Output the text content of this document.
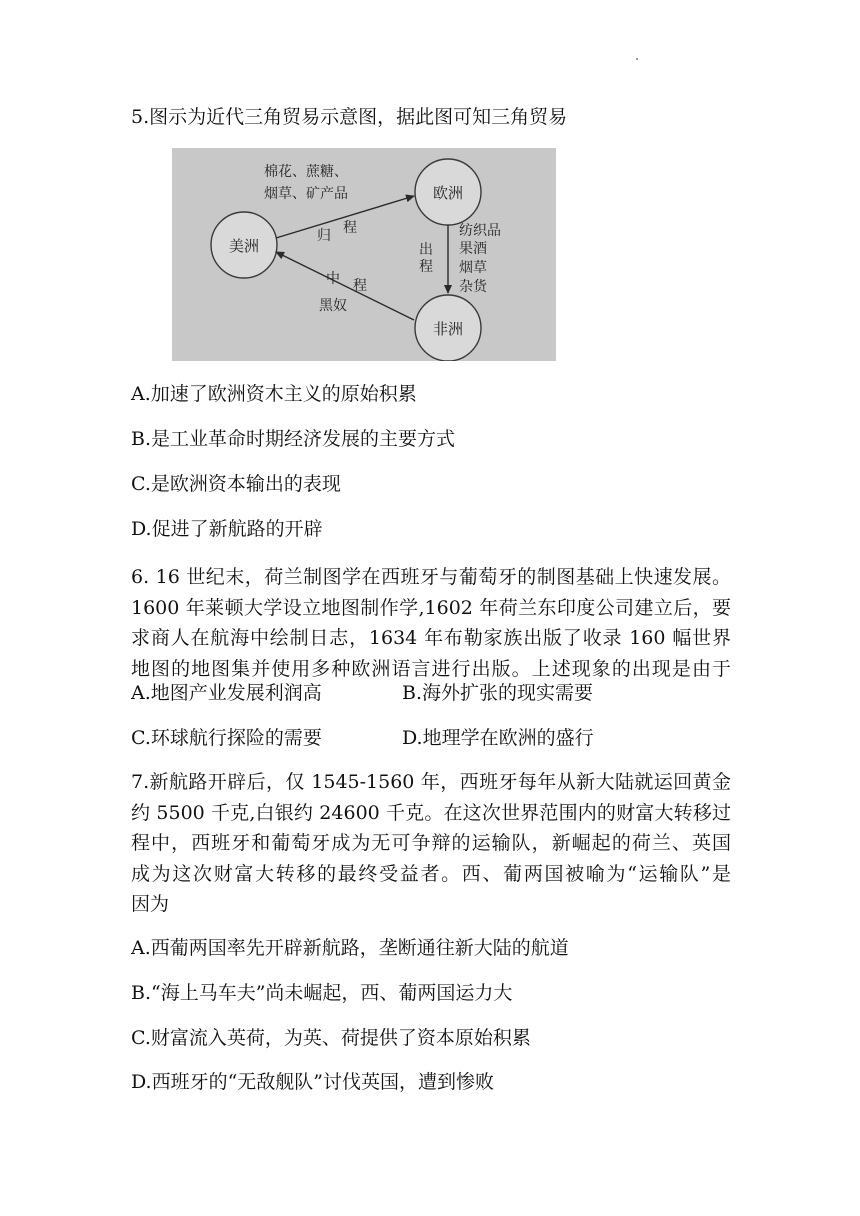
5.图示为近代三角贸易示意图，据此图可知三角贸易
美洲
欧洲
非洲
棉花、蔗糖、
烟草、矿产品
归 程
出
程
纺织品
果酒
烟草
杂货
中 程
黑奴
A.加速了欧洲资木主义的原始积累
B.是工业革命时期经济发展的主要方式
C.是欧洲资本输出的表现
D.促进了新航路的开辟
6. 16 世纪末，荷兰制图学在西班牙与葡萄牙的制图基础上快速发展。
1600 年莱顿大学设立地图制作学,1602 年荷兰东印度公司建立后，要
求商人在航海中绘制日志，1634 年布勒家族出版了收录 160 幅世界
地图的地图集并使用多种欧洲语言进行出版。上述现象的出现是由于
A.地图产业发展利润高	B.海外扩张的现实需要
C.环球航行探险的需要	D.地理学在欧洲的盛行
7.新航路开辟后，仅 1545-1560 年，西班牙每年从新大陆就运回黄金
约 5500 千克,白银约 24600 千克。在这次世界范围内的财富大转移过
程中，西班牙和葡萄牙成为无可争辩的运输队，新崛起的荷兰、英国
成为这次财富大转移的最终受益者。西、葡两国被喻为“运输队”是
因为
A.西葡两国率先开辟新航路，垄断通往新大陆的航道
B.“海上马车夫”尚未崛起，西、葡两国运力大
C.财富流入英荷，为英、荷提供了资本原始积累
D.西班牙的“无敌舰队”讨伐英国，遭到惨败
